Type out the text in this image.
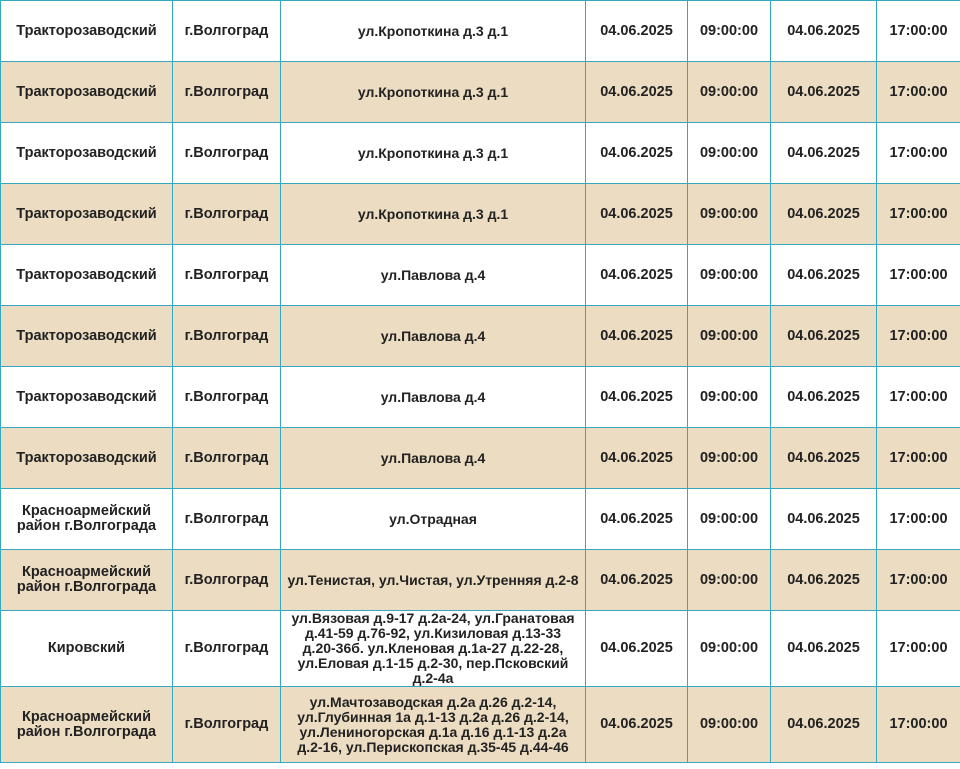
Тракторозаводский	г.Волгоград	ул.Кропоткина д.3 д.1	04.06.2025	09:00:00	04.06.2025	17:00:00
Тракторозаводский	г.Волгоград	ул.Кропоткина д.3 д.1	04.06.2025	09:00:00	04.06.2025	17:00:00
Тракторозаводский	г.Волгоград	ул.Кропоткина д.3 д.1	04.06.2025	09:00:00	04.06.2025	17:00:00
Тракторозаводский	г.Волгоград	ул.Кропоткина д.3 д.1	04.06.2025	09:00:00	04.06.2025	17:00:00
Тракторозаводский	г.Волгоград	ул.Павлова д.4	04.06.2025	09:00:00	04.06.2025	17:00:00
Тракторозаводский	г.Волгоград	ул.Павлова д.4	04.06.2025	09:00:00	04.06.2025	17:00:00
Тракторозаводский	г.Волгоград	ул.Павлова д.4	04.06.2025	09:00:00	04.06.2025	17:00:00
Тракторозаводский	г.Волгоград	ул.Павлова д.4	04.06.2025	09:00:00	04.06.2025	17:00:00
Красноармейский район г.Волгограда	г.Волгоград	ул.Отрадная	04.06.2025	09:00:00	04.06.2025	17:00:00
Красноармейский район г.Волгограда	г.Волгоград	ул.Тенистая, ул.Чистая, ул.Утренняя д.2-8	04.06.2025	09:00:00	04.06.2025	17:00:00
Кировский	г.Волгоград	ул.Вязовая д.9-17 д.2а-24, ул.Гранатовая д.41-59 д.76-92, ул.Кизиловая д.13-33 д.20-36б. ул.Кленовая д.1а-27 д.22-28, ул.Еловая д.1-15 д.2-30, пер.Псковский д.2-4а	04.06.2025	09:00:00	04.06.2025	17:00:00
Красноармейский район г.Волгограда	г.Волгоград	ул.Мачтозаводская д.2а д.26 д.2-14, ул.Глубинная 1а д.1-13 д.2а д.26 д.2-14, ул.Лениногорская д.1а д.16 д.1-13 д.2а д.2-16, ул.Перископская д.35-45 д.44-46	04.06.2025	09:00:00	04.06.2025	17:00:00
